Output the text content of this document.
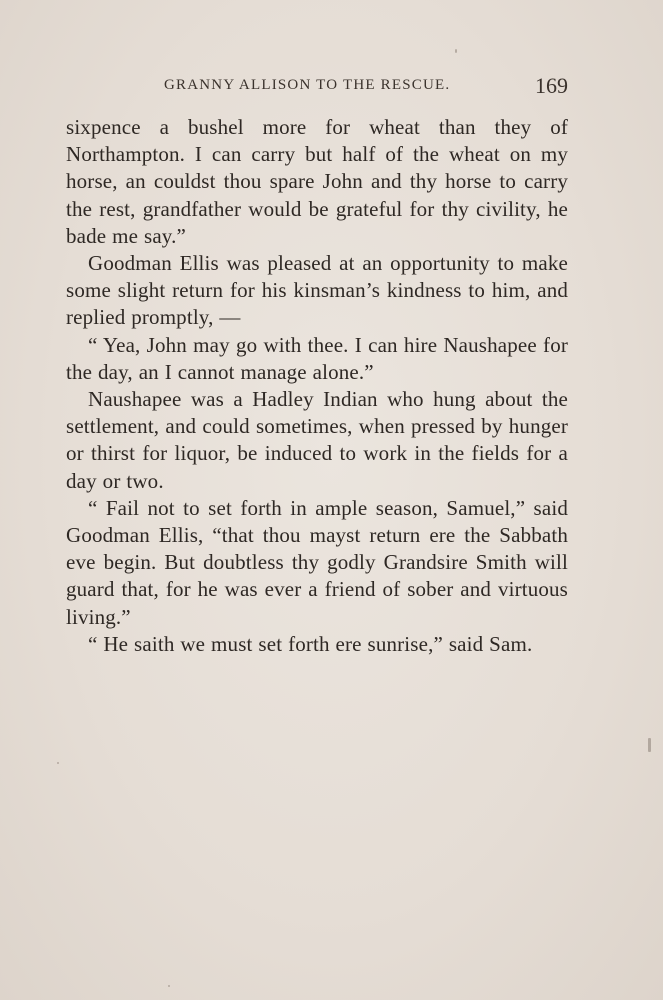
GRANNY ALLISON TO THE RESCUE.	169

sixpence a bushel more for wheat than they of Northampton. I can carry but half of the wheat on my horse, an couldst thou spare John and thy horse to carry the rest, grandfather would be grateful for thy civility, he bade me say.”

Goodman Ellis was pleased at an opportunity to make some slight return for his kinsman’s kindness to him, and replied promptly, —

“ Yea, John may go with thee. I can hire Naushapee for the day, an I cannot manage alone.”

Naushapee was a Hadley Indian who hung about the settlement, and could sometimes, when pressed by hunger or thirst for liquor, be induced to work in the fields for a day or two.

“ Fail not to set forth in ample season, Samuel,” said Goodman Ellis, “that thou mayst return ere the Sabbath eve begin. But doubtless thy godly Grandsire Smith will guard that, for he was ever a friend of sober and virtuous living.”

“ He saith we must set forth ere sunrise,” said Sam.
